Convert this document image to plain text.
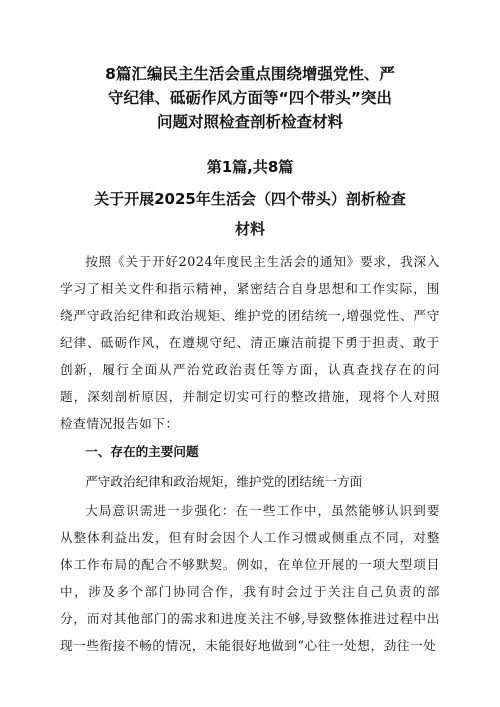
8篇汇编民主生活会重点围绕增强党性、严
守纪律、砥砺作风方面等“四个带头”突出
问题对照检查剖析检查材料

第1篇,共8篇

关于开展2025年生活会（四个带头）剖析检查
材料

按照《关于开好2024年度民主生活会的通知》要求，我深入学习了相关文件和指示精神，紧密结合自身思想和工作实际，围绕严守政治纪律和政治规矩、维护党的团结统一,增强党性、严守纪律、砥砺作风，在遵规守纪、清正廉洁前提下勇于担责、敢于创新，履行全面从严治党政治责任等方面，认真查找存在的问题，深刻剖析原因，并制定切实可行的整改措施，现将个人对照检查情况报告如下：

一、存在的主要问题

严守政治纪律和政治规矩，维护党的团结统一方面

大局意识需进一步强化：在一些工作中，虽然能够认识到要从整体利益出发，但有时会因个人工作习惯或侧重点不同，对整体工作布局的配合不够默契。例如，在单位开展的一项大型项目中，涉及多个部门协同合作，我有时会过于关注自己负责的部分，而对其他部门的需求和进度关注不够,导致整体推进过程中出现一些衔接不畅的情况，未能很好地做到“心往一处想，劲往一处
